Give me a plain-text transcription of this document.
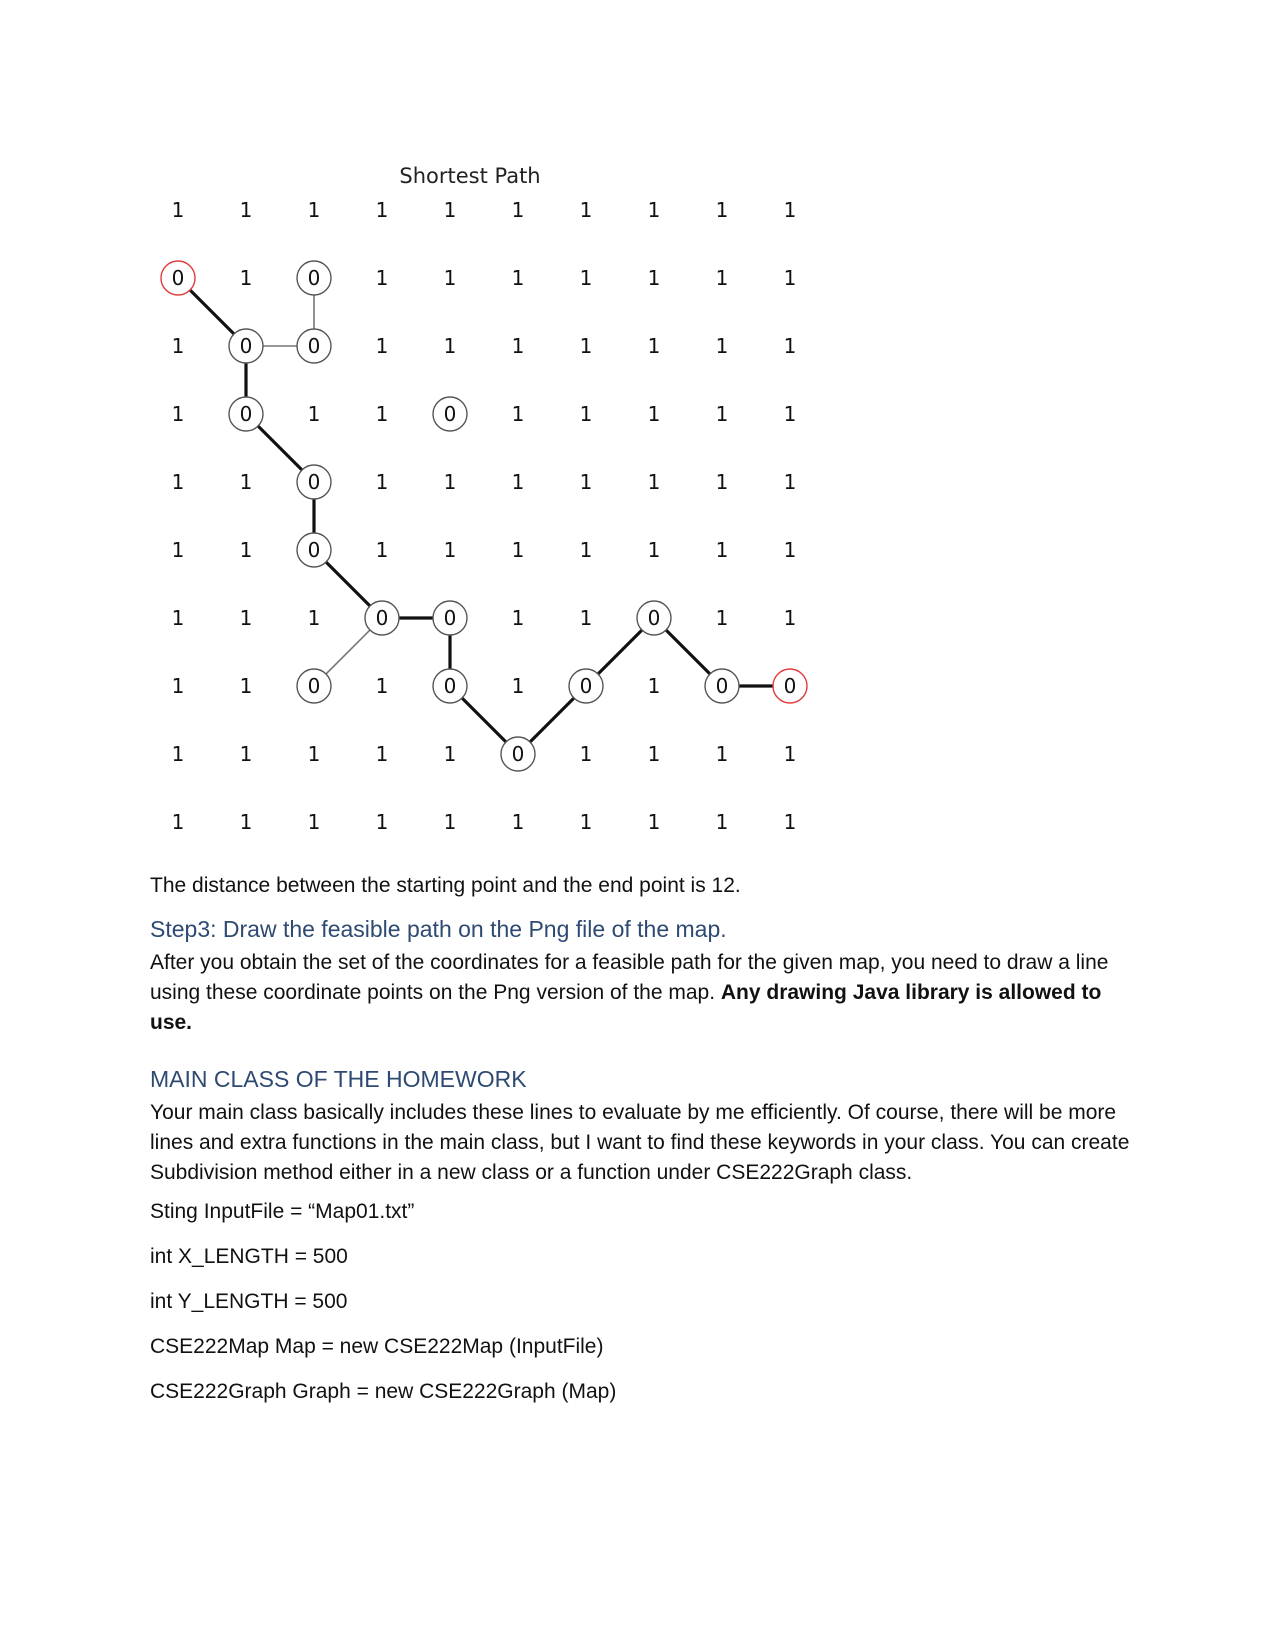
Shortest Path
1	1	1	1	1	1	1	1	1	1
0	1	0	1	1	1	1	1	1	1
1	0	0	1	1	1	1	1	1	1
1	0	1	1	0	1	1	1	1	1
1	1	0	1	1	1	1	1	1	1
1	1	0	1	1	1	1	1	1	1
1	1	1	0	0	1	1	0	1	1
1	1	0	1	0	1	0	1	0	0
1	1	1	1	1	0	1	1	1	1
1	1	1	1	1	1	1	1	1	1
The distance between the starting point and the end point is 12.
Step3: Draw the feasible path on the Png file of the map.
After you obtain the set of the coordinates for a feasible path for the given map, you need to draw a line using these coordinate points on the Png version of the map. Any drawing Java library is allowed to use.
MAIN CLASS OF THE HOMEWORK
Your main class basically includes these lines to evaluate by me efficiently. Of course, there will be more lines and extra functions in the main class, but I want to find these keywords in your class. You can create Subdivision method either in a new class or a function under CSE222Graph class.
Sting InputFile = “Map01.txt”
int X_LENGTH = 500
int Y_LENGTH = 500
CSE222Map Map = new CSE222Map (InputFile)
CSE222Graph Graph = new CSE222Graph (Map)
